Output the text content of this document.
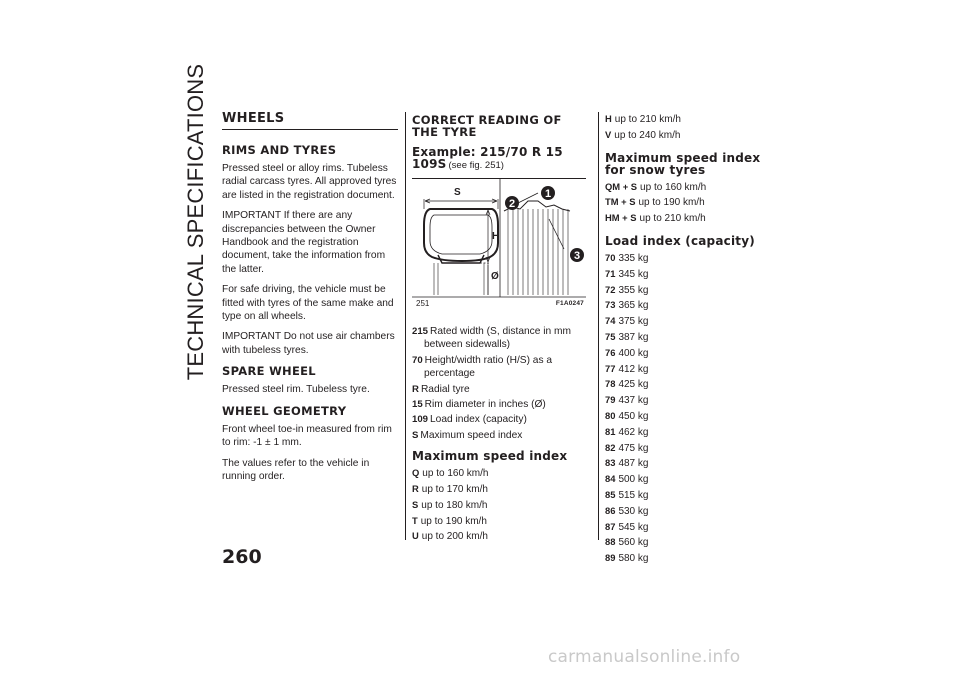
TECHNICAL SPECIFICATIONS WHEELS
RIMS AND TYRES

Pressed steel or alloy rims. Tubeless radial carcass tyres. All approved tyres are listed in the registration document.

IMPORTANT If there are any discrepancies between the Owner Handbook and the registration document, take the information from the latter.

For safe driving, the vehicle must be fitted with tyres of the same make and type on all wheels.

IMPORTANT Do not use air chambers with tubeless tyres.

SPARE WHEEL

Pressed steel rim. Tubeless tyre.

WHEEL GEOMETRY

Front wheel toe-in measured from rim to rim: -1 ± 1 mm.

The values refer to the vehicle in running order.

CORRECT READING OF THE TYRE
Example: 215/70 R 15 109S (see fig. 251)
1
2
3
S
H
Ø
251	F1A0247
215 Rated width (S, distance in mm between sidewalls)
70 Height/width ratio (H/S) as a percentage
R Radial tyre
15 Rim diameter in inches (Ø)
109 Load index (capacity)
S Maximum speed index
Maximum speed index
Q up to 160 km/h
R up to 170 km/h
S up to 180 km/h
T up to 190 km/h
U up to 200 km/h
H up to 210 km/h
V up to 240 km/h
Maximum speed index for snow tyres
QM + S up to 160 km/h
TM + S up to 190 km/h
HM + S up to 210 km/h
Load index (capacity)
70 335 kg
71 345 kg
72 355 kg
73 365 kg
74 375 kg
75 387 kg
76 400 kg
77 412 kg
78 425 kg
79 437 kg
80 450 kg
81 462 kg
82 475 kg
83 487 kg
84 500 kg
85 515 kg
86 530 kg
87 545 kg
88 560 kg
89 580 kg
260
carmanualsonline.info
